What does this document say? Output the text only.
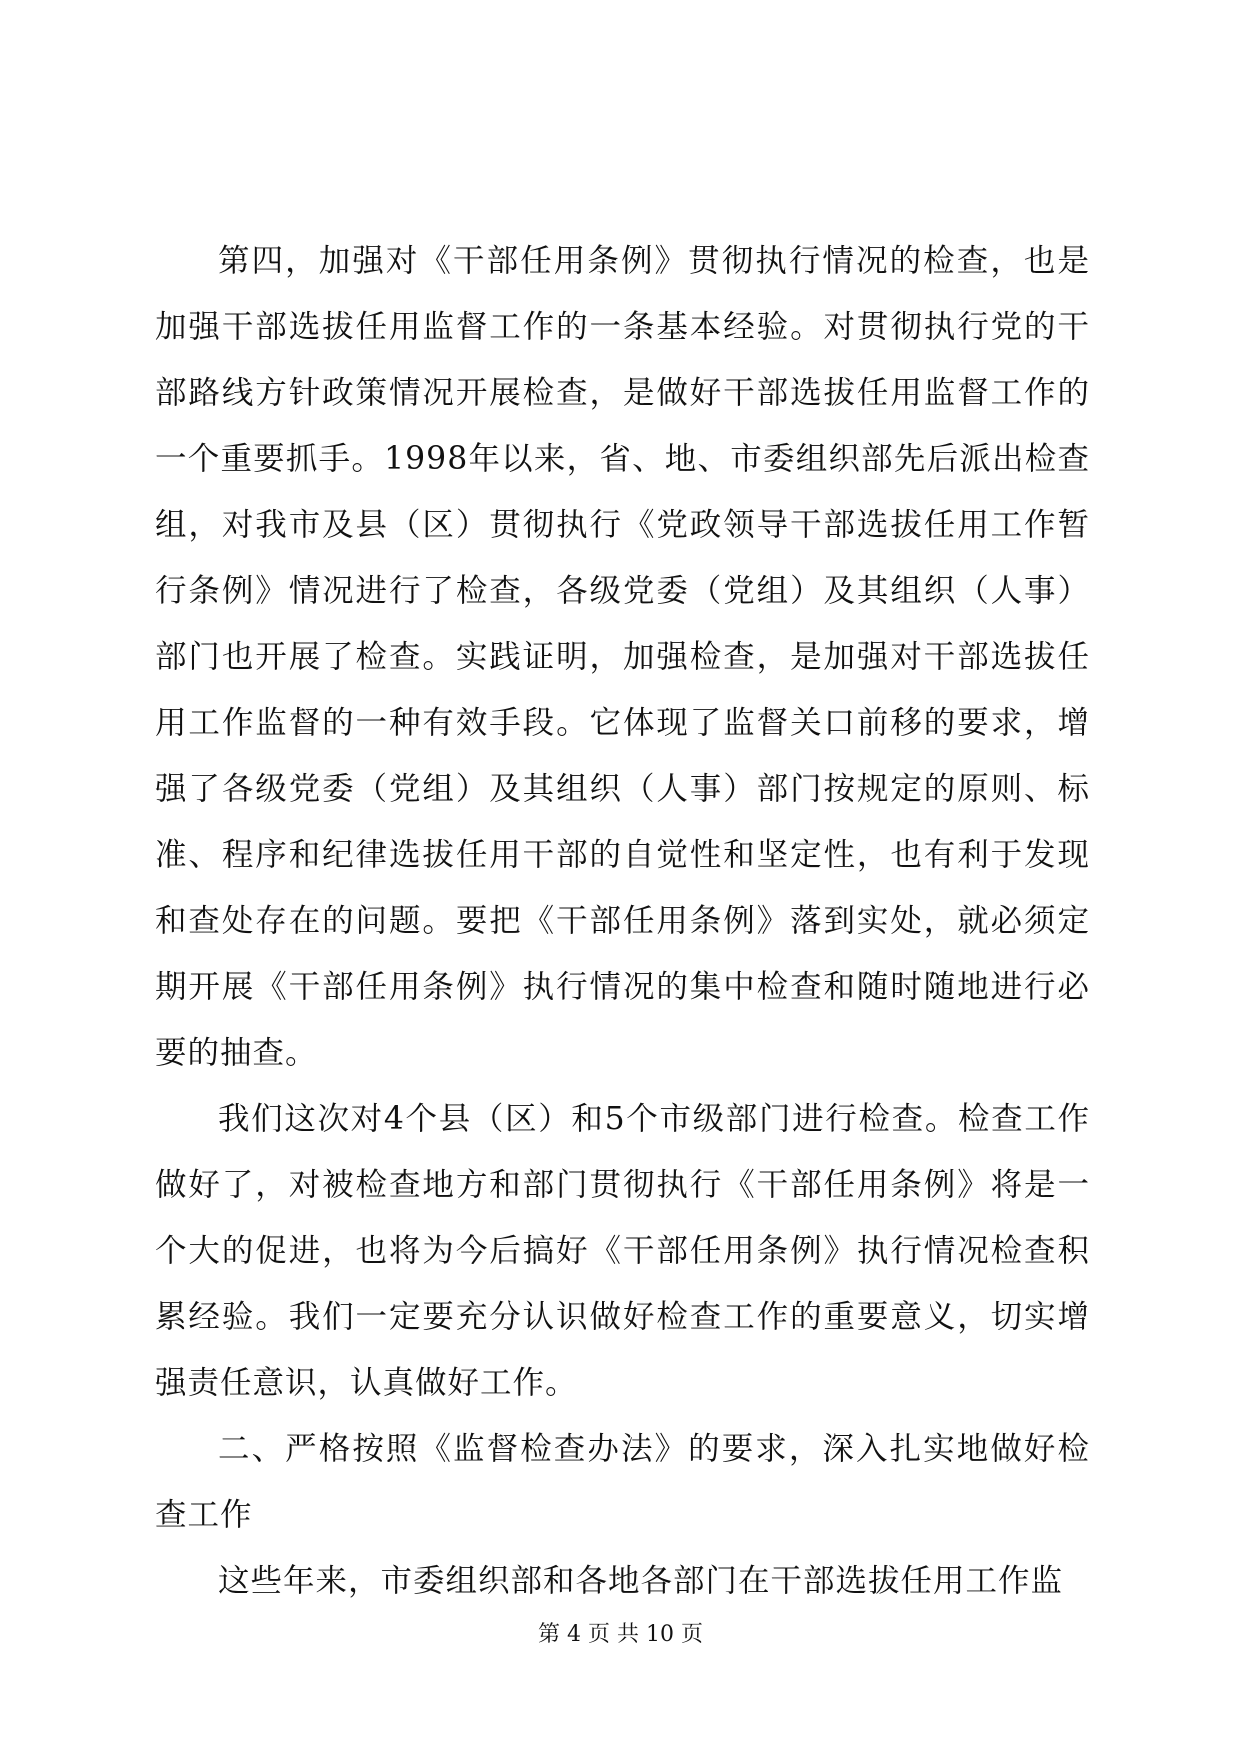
第四，加强对《干部任用条例》贯彻执行情况的检查，也是加强干部选拔任用监督工作的一条基本经验。对贯彻执行党的干部路线方针政策情况开展检查，是做好干部选拔任用监督工作的一个重要抓手。1998年以来，省、地、市委组织部先后派出检查组，对我市及县（区）贯彻执行《党政领导干部选拔任用工作暂行条例》情况进行了检查，各级党委（党组）及其组织（人事）部门也开展了检查。实践证明，加强检查，是加强对干部选拔任用工作监督的一种有效手段。它体现了监督关口前移的要求，增强了各级党委（党组）及其组织（人事）部门按规定的原则、标准、程序和纪律选拔任用干部的自觉性和坚定性，也有利于发现和查处存在的问题。要把《干部任用条例》落到实处，就必须定期开展《干部任用条例》执行情况的集中检查和随时随地进行必要的抽查。

我们这次对4个县（区）和5个市级部门进行检查。检查工作做好了，对被检查地方和部门贯彻执行《干部任用条例》将是一个大的促进，也将为今后搞好《干部任用条例》执行情况检查积累经验。我们一定要充分认识做好检查工作的重要意义，切实增强责任意识，认真做好工作。

二、严格按照《监督检查办法》的要求，深入扎实地做好检查工作

这些年来，市委组织部和各地各部门在干部选拔任用工作监

第 4 页 共 10 页
